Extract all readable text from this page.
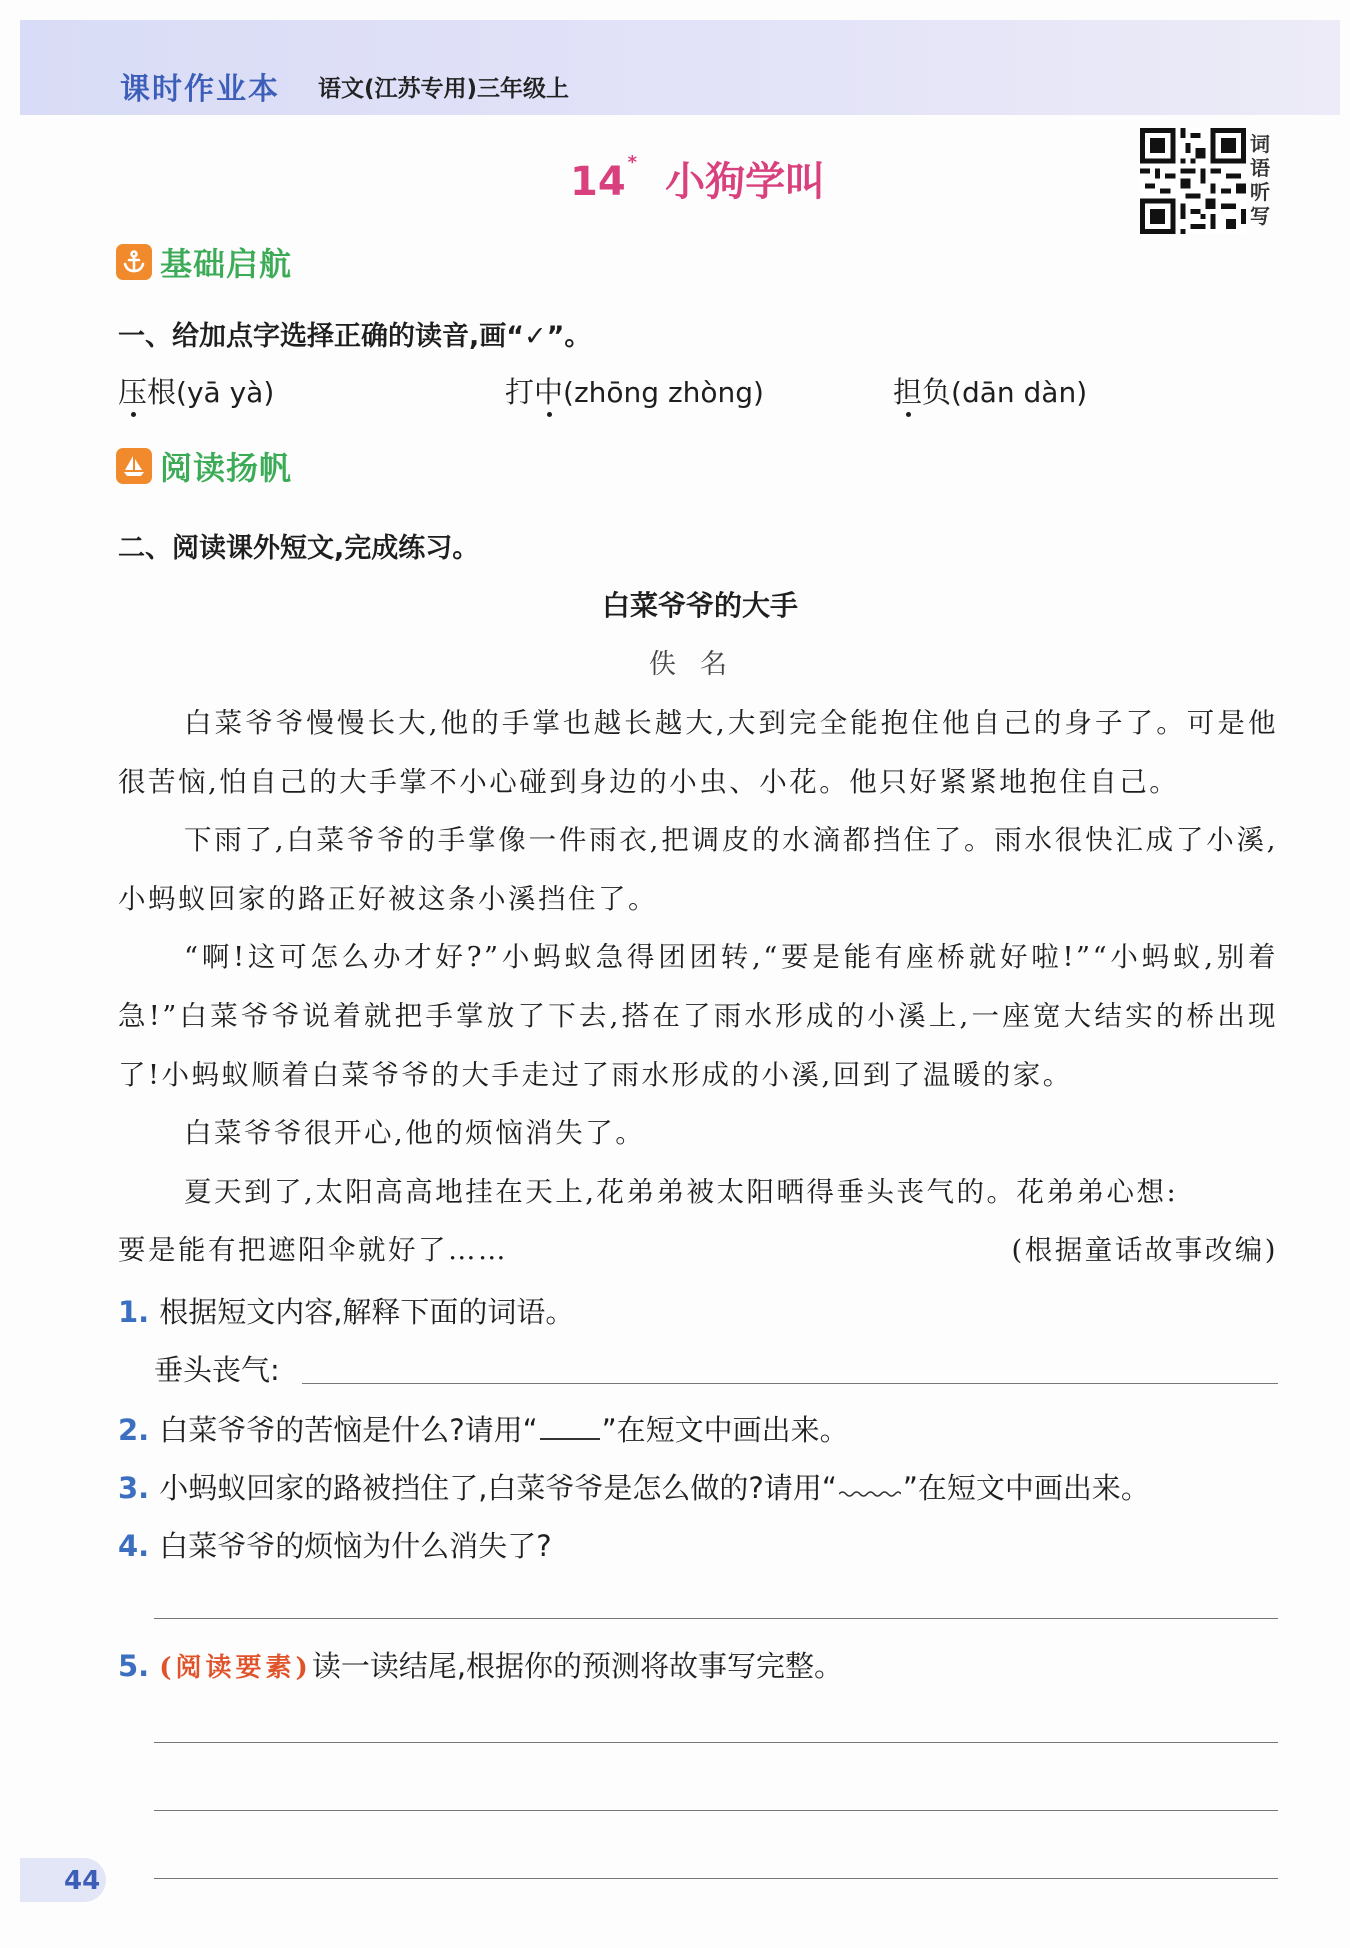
课时作业本 语文(江苏专用)三年级上
14 * 小狗学叫
词
语
听
写
基础启航
一、给加点字选择正确的读音,画“✓”。
压根(yā yà)	打中(zhōng zhòng)	担负(dān dàn)
阅读扬帆
二、阅读课外短文,完成练习。
白菜爷爷的大手
佚名

白菜爷爷慢慢长大,他的手掌也越长越大,大到完全能抱住他自己的身子了。可是他很苦恼,怕自己的大手掌不小心碰到身边的小虫、小花。他只好紧紧地抱住自己。

下雨了,白菜爷爷的手掌像一件雨衣,把调皮的水滴都挡住了。雨水很快汇成了小溪,小蚂蚁回家的路正好被这条小溪挡住了。

“啊!这可怎么办才好?”小蚂蚁急得团团转,“要是能有座桥就好啦!”“小蚂蚁,别着急!”白菜爷爷说着就把手掌放了下去,搭在了雨水形成的小溪上,一座宽大结实的桥出现了!小蚂蚁顺着白菜爷爷的大手走过了雨水形成的小溪,回到了温暖的家。

白菜爷爷很开心,他的烦恼消失了。

夏天到了,太阳高高地挂在天上,花弟弟被太阳晒得垂头丧气的。花弟弟心想:

要是能有把遮阳伞就好了……	(根据童话故事改编)
1. 根据短文内容,解释下面的词语。
垂头丧气:
2. 白菜爷爷的苦恼是什么?请用“ ”在短文中画出来。
3. 小蚂蚁回家的路被挡住了,白菜爷爷是怎么做的?请用“ ”在短文中画出来。
4. 白菜爷爷的烦恼为什么消失了?
5. (阅读要素)读一读结尾,根据你的预测将故事写完整。
44
